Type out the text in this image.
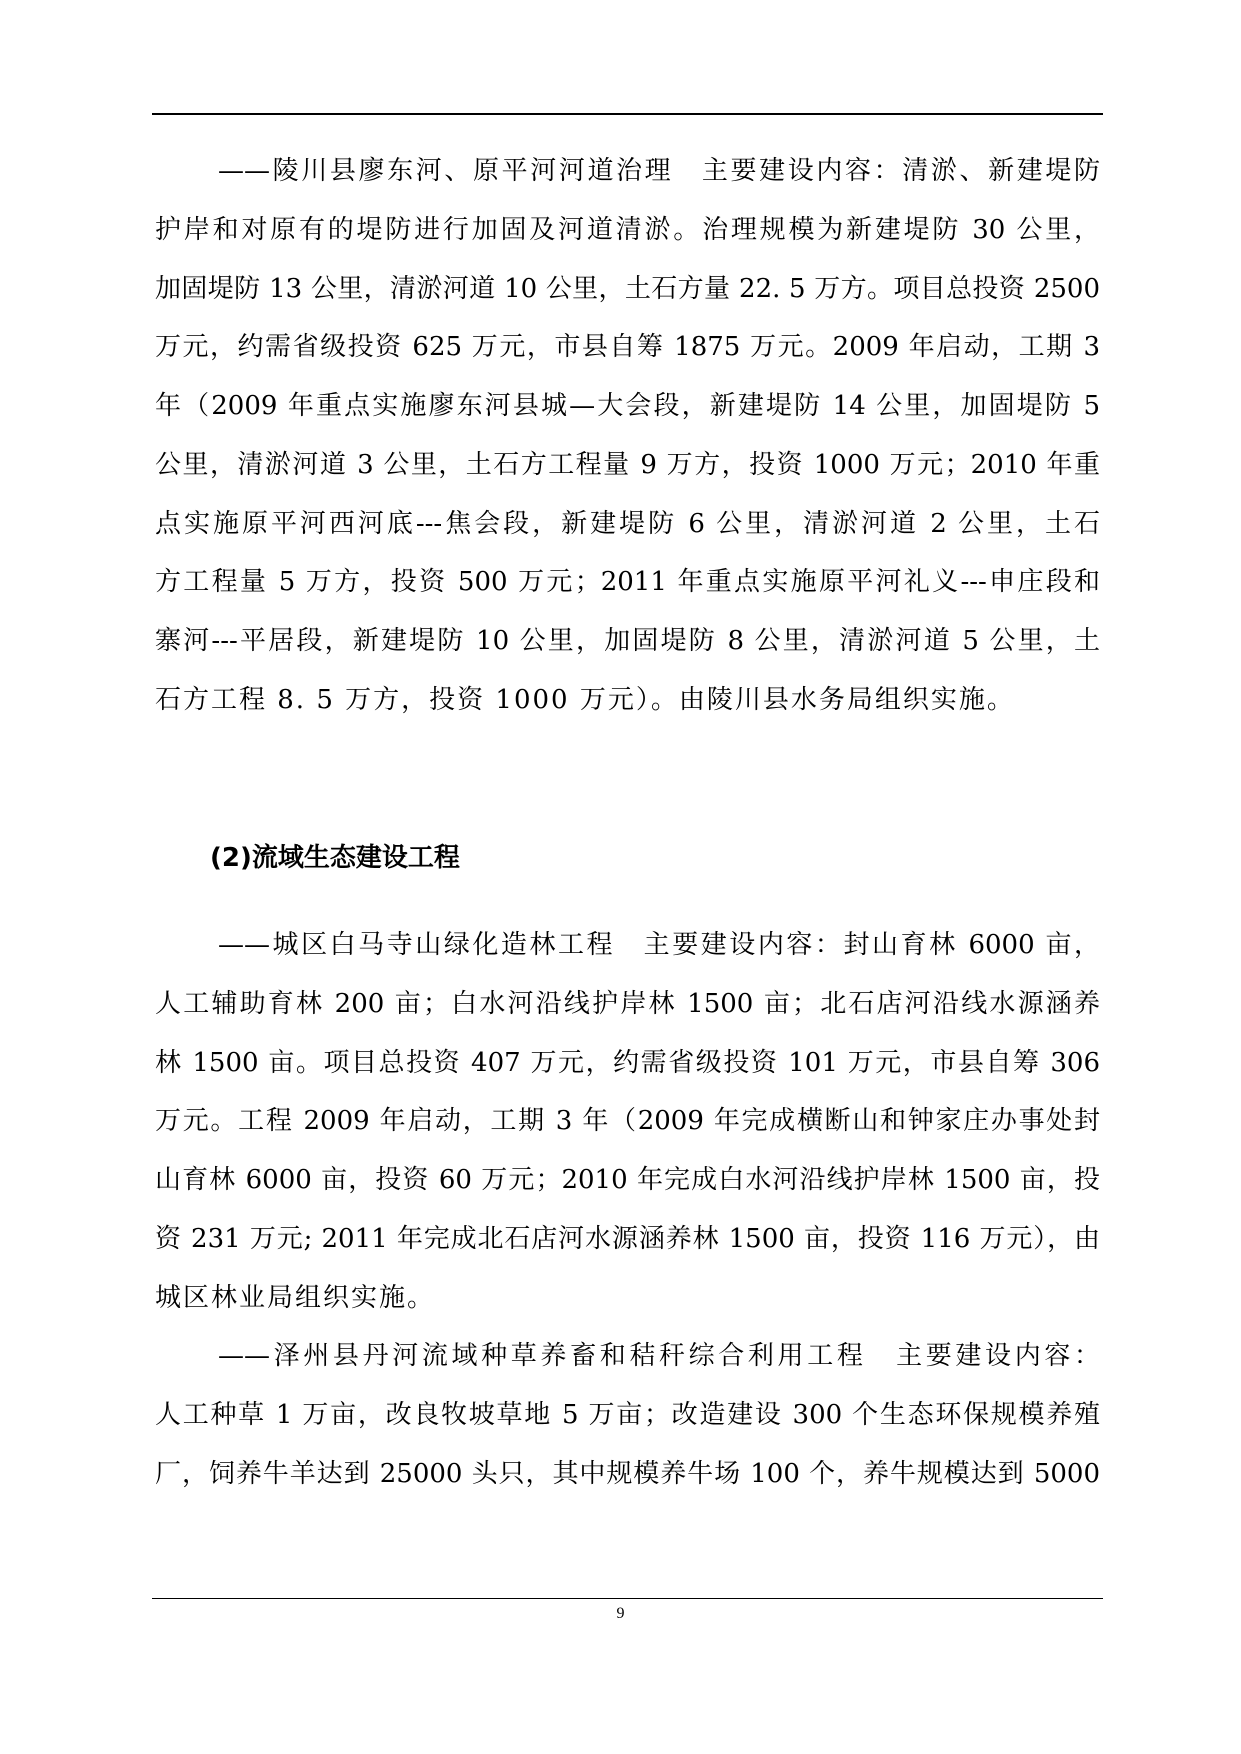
——陵川县廖东河、原平河河道治理　主要建设内容：清淤、新建堤防
护岸和对原有的堤防进行加固及河道清淤。治理规模为新建堤防 30 公里，
加固堤防 13 公里，清淤河道 10 公里，土石方量 22. 5 万方。项目总投资 2500
万元，约需省级投资 625 万元，市县自筹 1875 万元。2009 年启动，工期 3
年（2009 年重点实施廖东河县城—大会段，新建堤防 14 公里，加固堤防 5
公里，清淤河道 3 公里，土石方工程量 9 万方，投资 1000 万元；2010 年重
点实施原平河西河底---焦会段，新建堤防 6 公里，清淤河道 2 公里，土石
方工程量 5 万方，投资 500 万元；2011 年重点实施原平河礼义---申庄段和
寨河---平居段，新建堤防 10 公里，加固堤防 8 公里，清淤河道 5 公里，土
石方工程 8. 5 万方，投资 1000 万元）。由陵川县水务局组织实施。
(2)流域生态建设工程
——城区白马寺山绿化造林工程　主要建设内容：封山育林 6000 亩，
人工辅助育林 200 亩；白水河沿线护岸林 1500 亩；北石店河沿线水源涵养
林 1500 亩。项目总投资 407 万元，约需省级投资 101 万元，市县自筹 306
万元。工程 2009 年启动，工期 3 年（2009 年完成横断山和钟家庄办事处封
山育林 6000 亩，投资 60 万元；2010 年完成白水河沿线护岸林 1500 亩，投
资 231 万元; 2011 年完成北石店河水源涵养林 1500 亩，投资 116 万元），由
城区林业局组织实施。
——泽州县丹河流域种草养畜和秸秆综合利用工程　主要建设内容：
人工种草 1 万亩，改良牧坡草地 5 万亩；改造建设 300 个生态环保规模养殖
厂，饲养牛羊达到 25000 头只，其中规模养牛场 100 个，养牛规模达到 5000
9
